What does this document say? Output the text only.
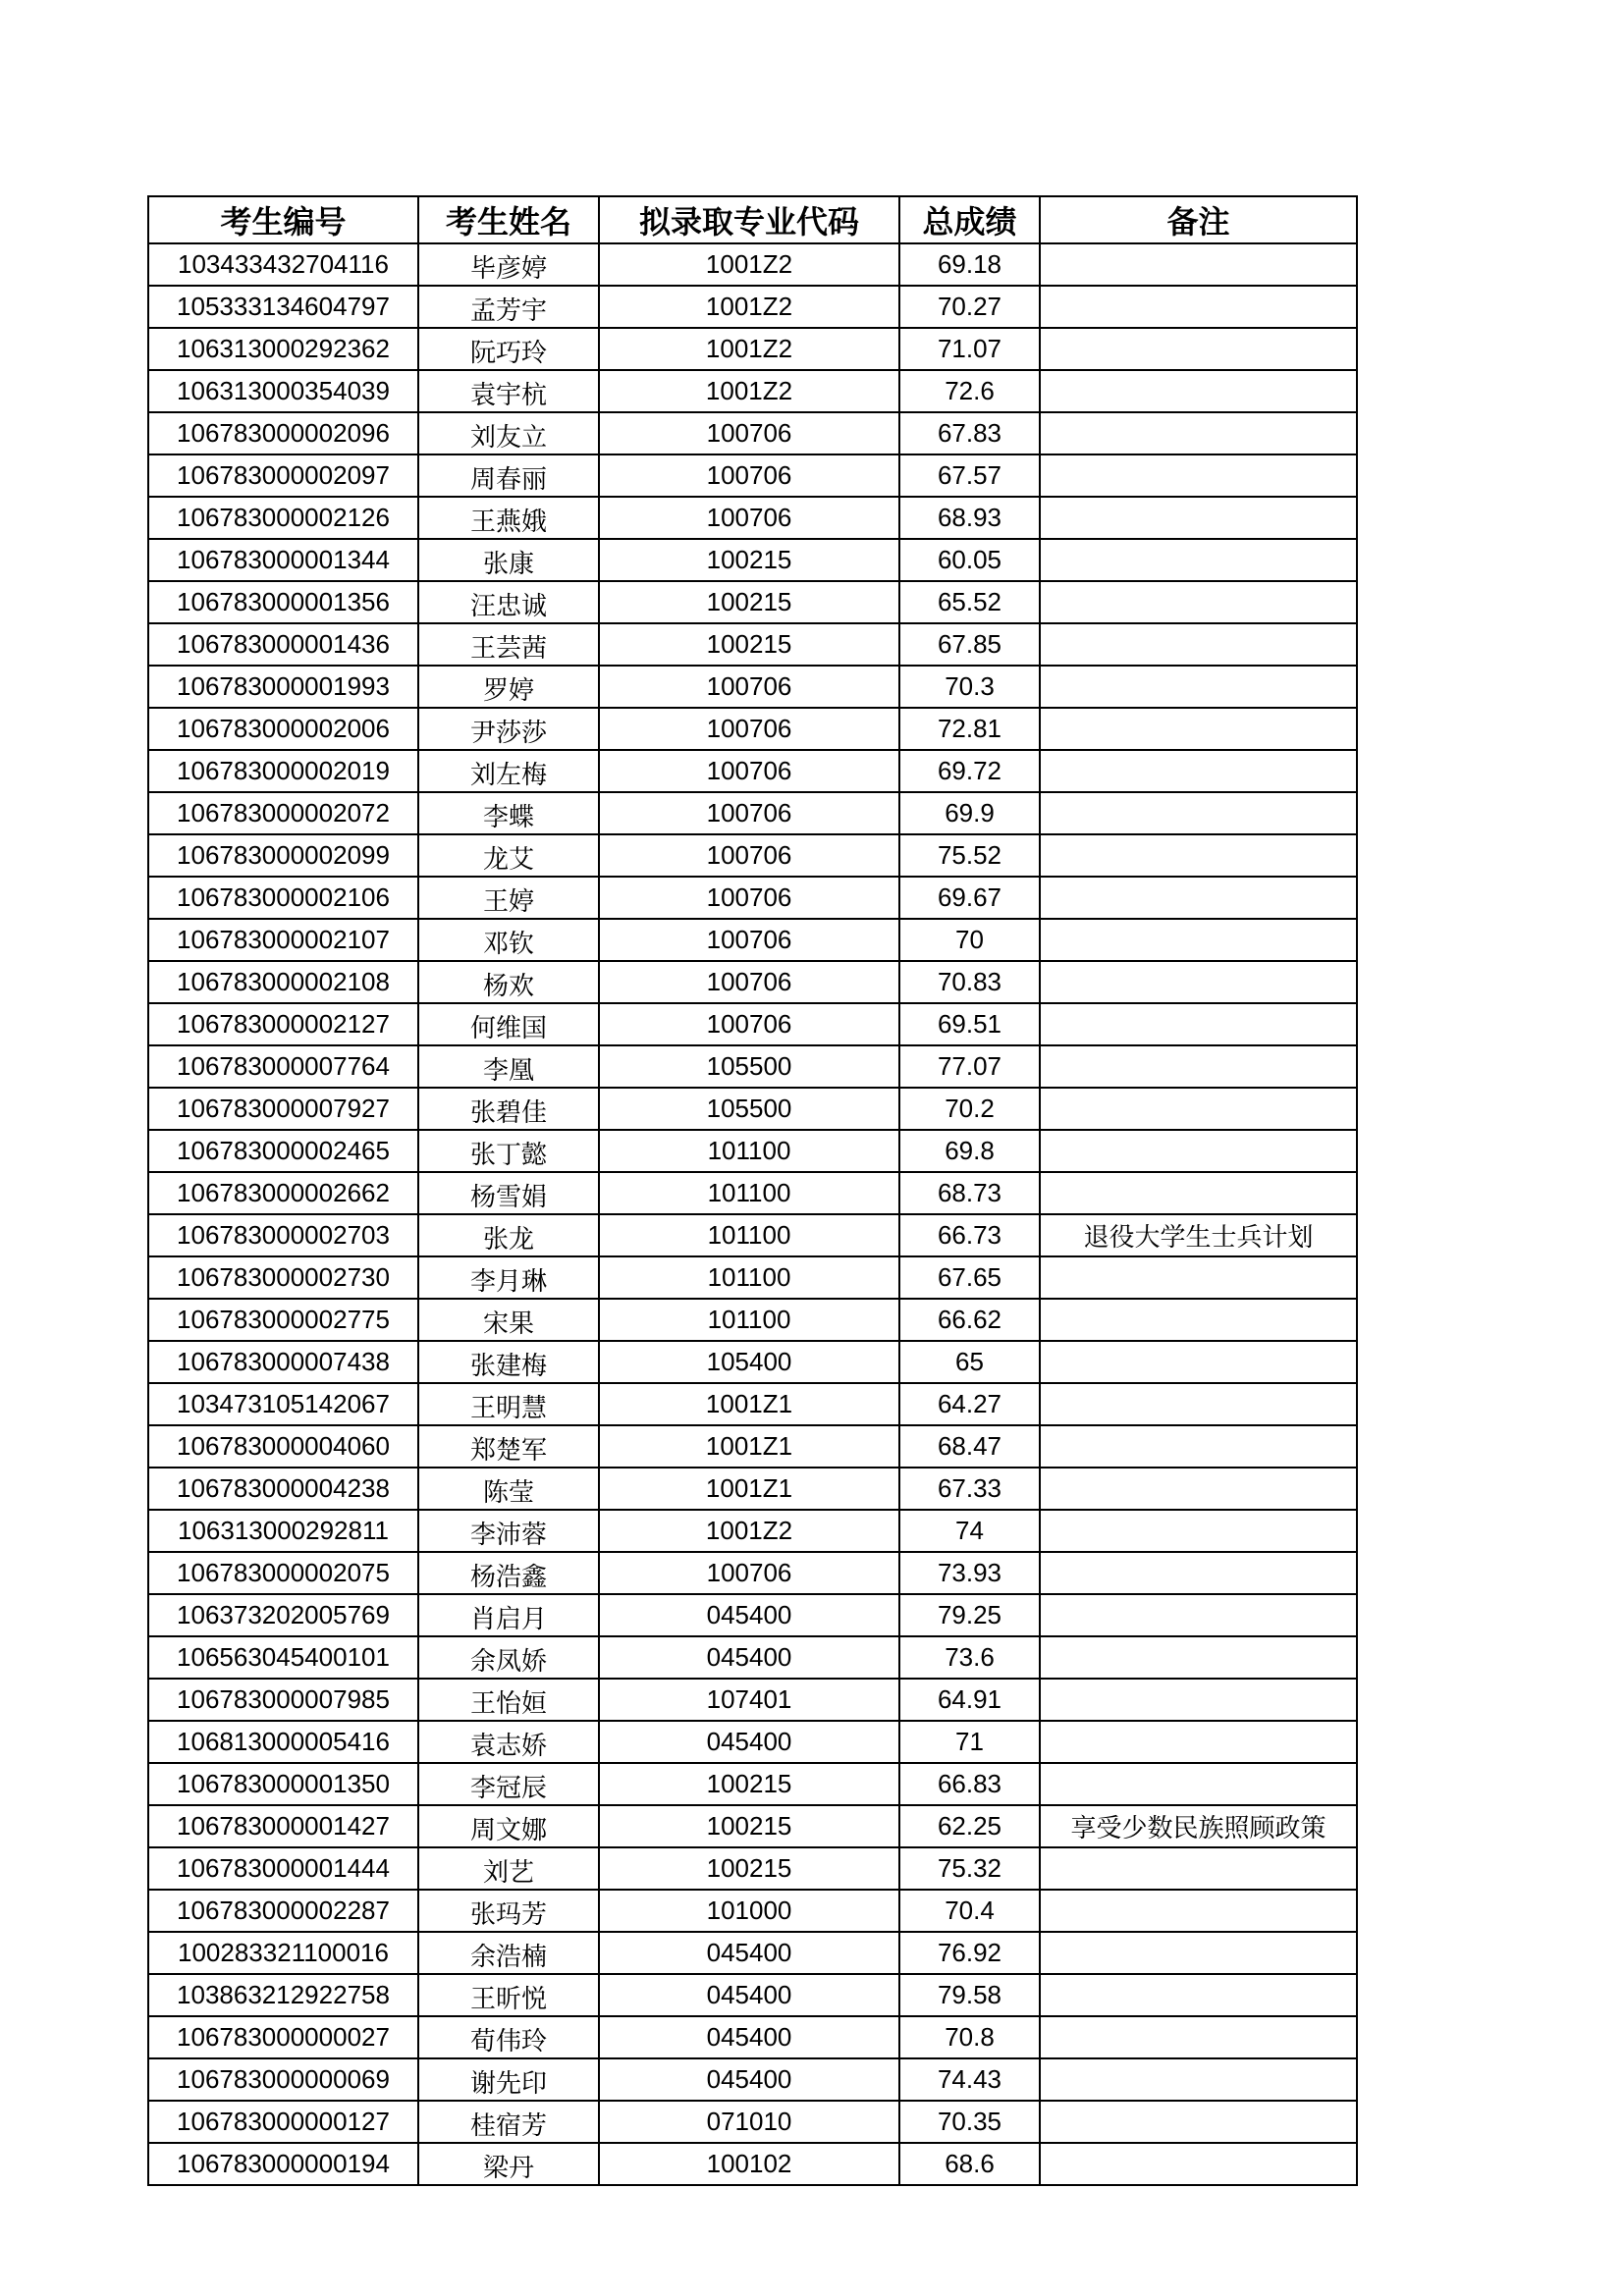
考生编号	考生姓名	拟录取专业代码	总成绩	备注
103433432704116	毕彦婷	1001Z2	69.18	
105333134604797	孟芳宇	1001Z2	70.27	
106313000292362	阮巧玲	1001Z2	71.07	
106313000354039	袁宇杭	1001Z2	72.6	
106783000002096	刘友立	100706	67.83	
106783000002097	周春丽	100706	67.57	
106783000002126	王燕娥	100706	68.93	
106783000001344	张康	100215	60.05	
106783000001356	汪忠诚	100215	65.52	
106783000001436	王芸茜	100215	67.85	
106783000001993	罗婷	100706	70.3	
106783000002006	尹莎莎	100706	72.81	
106783000002019	刘左梅	100706	69.72	
106783000002072	李蝶	100706	69.9	
106783000002099	龙艾	100706	75.52	
106783000002106	王婷	100706	69.67	
106783000002107	邓钦	100706	70	
106783000002108	杨欢	100706	70.83	
106783000002127	何维国	100706	69.51	
106783000007764	李凰	105500	77.07	
106783000007927	张碧佳	105500	70.2	
106783000002465	张丁懿	101100	69.8	
106783000002662	杨雪娟	101100	68.73	
106783000002703	张龙	101100	66.73	退役大学生士兵计划
106783000002730	李月琳	101100	67.65	
106783000002775	宋果	101100	66.62	
106783000007438	张建梅	105400	65	
103473105142067	王明慧	1001Z1	64.27	
106783000004060	郑楚军	1001Z1	68.47	
106783000004238	陈莹	1001Z1	67.33	
106313000292811	李沛蓉	1001Z2	74	
106783000002075	杨浩鑫	100706	73.93	
106373202005769	肖启月	045400	79.25	
106563045400101	余凤娇	045400	73.6	
106783000007985	王怡姮	107401	64.91	
106813000005416	袁志娇	045400	71	
106783000001350	李冠辰	100215	66.83	
106783000001427	周文娜	100215	62.25	享受少数民族照顾政策
106783000001444	刘艺	100215	75.32	
106783000002287	张玛芳	101000	70.4	
100283321100016	余浩楠	045400	76.92	
103863212922758	王昕悦	045400	79.58	
106783000000027	荀伟玲	045400	70.8	
106783000000069	谢先印	045400	74.43	
106783000000127	桂宿芳	071010	70.35	
106783000000194	梁丹	100102	68.6	
